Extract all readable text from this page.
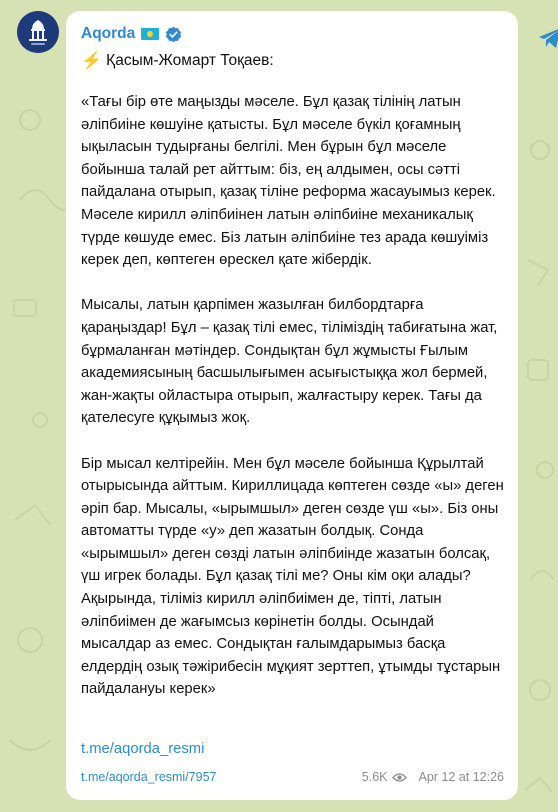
Aqorda
⚡ Қасым-Жомарт Тоқаев:

«Тағы бір өте маңызды мәселе. Бұл қазақ тілінің латын әліпбиіне көшуіне қатысты. Бұл мәселе бүкіл қоғамның ықыласын тудырғаны белгілі. Мен бұрын бұл мәселе бойынша талай рет айттым: біз, ең алдымен, осы сәтті пайдалана отырып, қазақ тіліне реформа жасауымыз керек. Мәселе кирилл әліпбиінен латын әліпбиіне механикалық түрде көшуде емес. Біз латын әліпбиіне тез арада көшуіміз керек деп, көптеген өрескел қате жібердік.

Мысалы, латын қарпімен жазылған билбордтарға қараңыздар! Бұл – қазақ тілі емес, тіліміздің табиғатына жат, бұрмаланған мәтіндер. Сондықтан бұл жұмысты Ғылым академиясының басшылығымен асығыстыққа жол бермей, жан-жақты ойластыра отырып, жалғастыру керек. Тағы да қателесуге құқымыз жоқ.

Бір мысал келтірейін. Мен бұл мәселе бойынша Құрылтай отырысында айттым. Кириллицада көптеген сөзде «ы» деген әріп бар. Мысалы, «ырымшыл» деген сөзде үш «ы». Біз оны автоматты түрде «у» деп жазатын болдық. Сонда «ырымшыл» деген сөзді латын әліпбиінде жазатын болсақ, үш игрек болады. Бұл қазақ тілі ме? Оны кім оқи алады? Ақырында, тіліміз кирилл әліпбиімен де, тіпті, латын әліпбиімен де жағымсыз көрінетін болды. Осындай мысалдар аз емес. Сондықтан ғалымдарымыз басқа елдердің озық тәжірибесін мұқият зерттеп, ұтымды тұстарын пайдалануы керек»

t.me/aqorda_resmi
t.me/aqorda_resmi/7957	5.6K Apr 12 at 12:26
